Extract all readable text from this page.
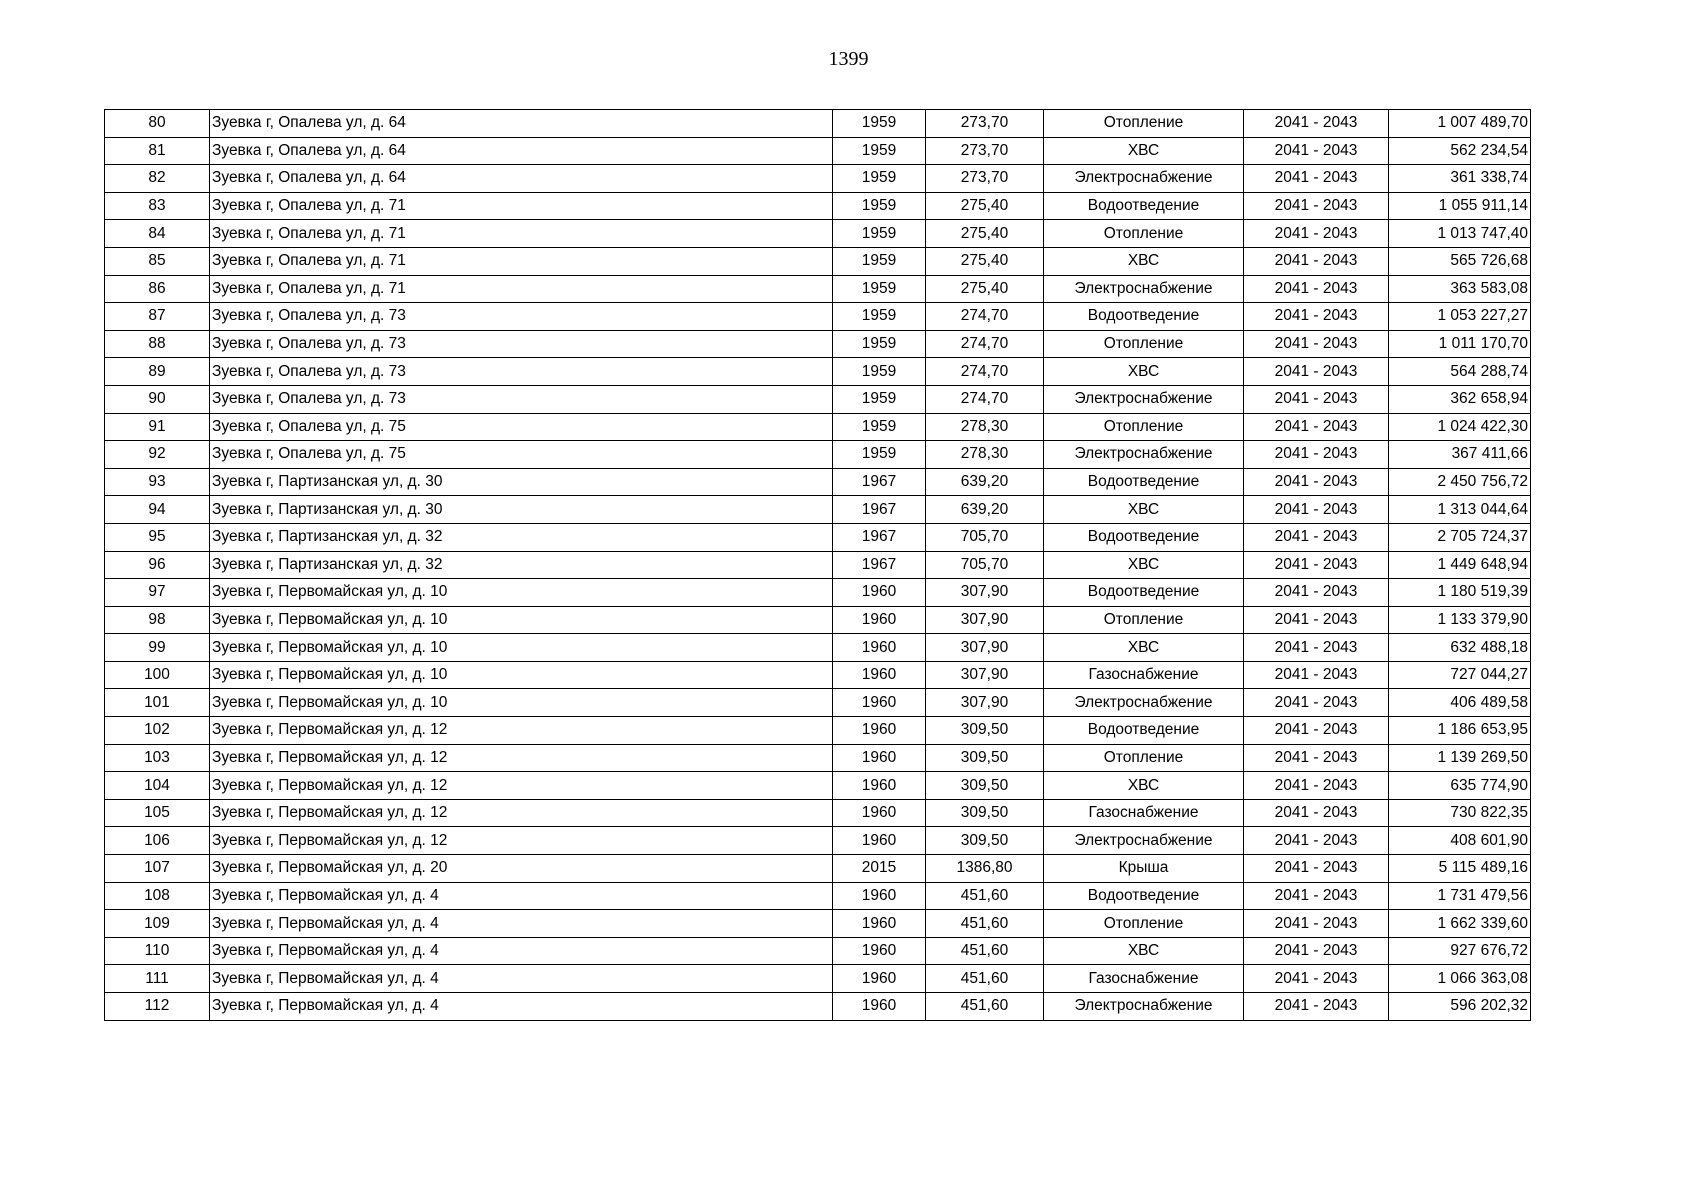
1399
80	Зуевка г, Опалева ул, д. 64	1959	273,70	Отопление	2041 - 2043	1 007 489,70
81	Зуевка г, Опалева ул, д. 64	1959	273,70	ХВС	2041 - 2043	562 234,54
82	Зуевка г, Опалева ул, д. 64	1959	273,70	Электроснабжение	2041 - 2043	361 338,74
83	Зуевка г, Опалева ул, д. 71	1959	275,40	Водоотведение	2041 - 2043	1 055 911,14
84	Зуевка г, Опалева ул, д. 71	1959	275,40	Отопление	2041 - 2043	1 013 747,40
85	Зуевка г, Опалева ул, д. 71	1959	275,40	ХВС	2041 - 2043	565 726,68
86	Зуевка г, Опалева ул, д. 71	1959	275,40	Электроснабжение	2041 - 2043	363 583,08
87	Зуевка г, Опалева ул, д. 73	1959	274,70	Водоотведение	2041 - 2043	1 053 227,27
88	Зуевка г, Опалева ул, д. 73	1959	274,70	Отопление	2041 - 2043	1 011 170,70
89	Зуевка г, Опалева ул, д. 73	1959	274,70	ХВС	2041 - 2043	564 288,74
90	Зуевка г, Опалева ул, д. 73	1959	274,70	Электроснабжение	2041 - 2043	362 658,94
91	Зуевка г, Опалева ул, д. 75	1959	278,30	Отопление	2041 - 2043	1 024 422,30
92	Зуевка г, Опалева ул, д. 75	1959	278,30	Электроснабжение	2041 - 2043	367 411,66
93	Зуевка г, Партизанская ул, д. 30	1967	639,20	Водоотведение	2041 - 2043	2 450 756,72
94	Зуевка г, Партизанская ул, д. 30	1967	639,20	ХВС	2041 - 2043	1 313 044,64
95	Зуевка г, Партизанская ул, д. 32	1967	705,70	Водоотведение	2041 - 2043	2 705 724,37
96	Зуевка г, Партизанская ул, д. 32	1967	705,70	ХВС	2041 - 2043	1 449 648,94
97	Зуевка г, Первомайская ул, д. 10	1960	307,90	Водоотведение	2041 - 2043	1 180 519,39
98	Зуевка г, Первомайская ул, д. 10	1960	307,90	Отопление	2041 - 2043	1 133 379,90
99	Зуевка г, Первомайская ул, д. 10	1960	307,90	ХВС	2041 - 2043	632 488,18
100	Зуевка г, Первомайская ул, д. 10	1960	307,90	Газоснабжение	2041 - 2043	727 044,27
101	Зуевка г, Первомайская ул, д. 10	1960	307,90	Электроснабжение	2041 - 2043	406 489,58
102	Зуевка г, Первомайская ул, д. 12	1960	309,50	Водоотведение	2041 - 2043	1 186 653,95
103	Зуевка г, Первомайская ул, д. 12	1960	309,50	Отопление	2041 - 2043	1 139 269,50
104	Зуевка г, Первомайская ул, д. 12	1960	309,50	ХВС	2041 - 2043	635 774,90
105	Зуевка г, Первомайская ул, д. 12	1960	309,50	Газоснабжение	2041 - 2043	730 822,35
106	Зуевка г, Первомайская ул, д. 12	1960	309,50	Электроснабжение	2041 - 2043	408 601,90
107	Зуевка г, Первомайская ул, д. 20	2015	1386,80	Крыша	2041 - 2043	5 115 489,16
108	Зуевка г, Первомайская ул, д. 4	1960	451,60	Водоотведение	2041 - 2043	1 731 479,56
109	Зуевка г, Первомайская ул, д. 4	1960	451,60	Отопление	2041 - 2043	1 662 339,60
110	Зуевка г, Первомайская ул, д. 4	1960	451,60	ХВС	2041 - 2043	927 676,72
111	Зуевка г, Первомайская ул, д. 4	1960	451,60	Газоснабжение	2041 - 2043	1 066 363,08
112	Зуевка г, Первомайская ул, д. 4	1960	451,60	Электроснабжение	2041 - 2043	596 202,32
